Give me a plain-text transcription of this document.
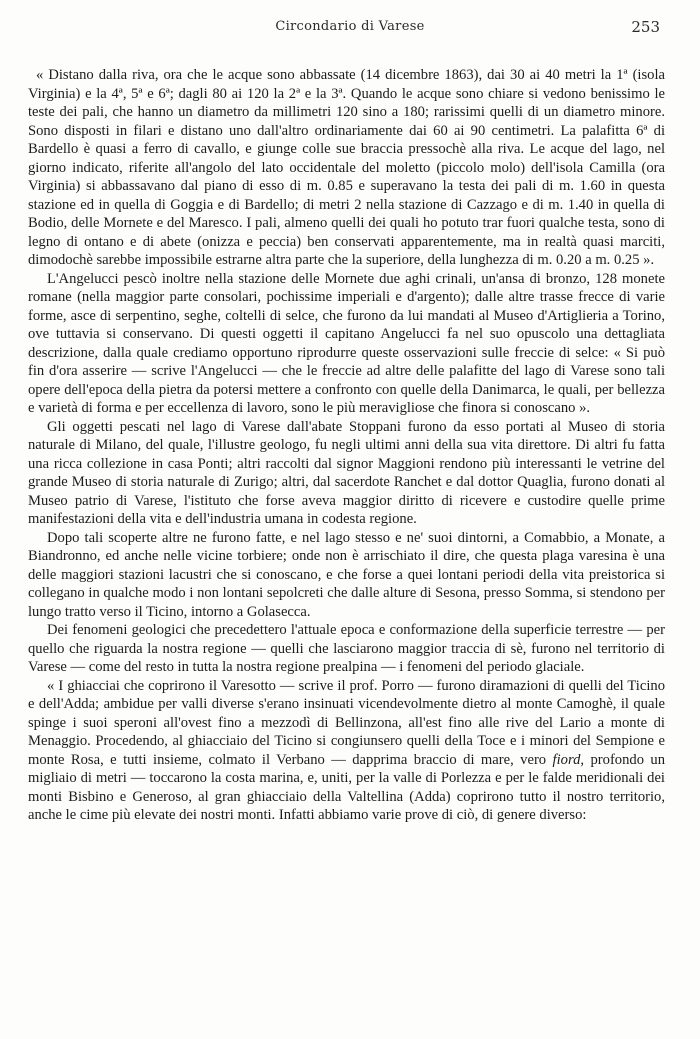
Circondario di Varese	253

« Distano dalla riva, ora che le acque sono abbassate (14 dicembre 1863), dai 30 ai 40 metri la 1ª (isola Virginia) e la 4ª, 5ª e 6ª; dagli 80 ai 120 la 2ª e la 3ª. Quando le acque sono chiare si vedono benissimo le teste dei pali, che hanno un diametro da millimetri 120 sino a 180; rarissimi quelli di un diametro minore. Sono disposti in filari e distano uno dall'altro ordinariamente dai 60 ai 90 centimetri. La palafitta 6ª di Bardello è quasi a ferro di cavallo, e giunge colle sue braccia pressochè alla riva. Le acque del lago, nel giorno indicato, riferite all'angolo del lato occidentale del moletto (piccolo molo) dell'isola Camilla (ora Virginia) si abbassavano dal piano di esso di m. 0.85 e superavano la testa dei pali di m. 1.60 in questa stazione ed in quella di Goggia e di Bardello; di metri 2 nella stazione di Cazzago e di m. 1.40 in quella di Bodio, delle Mornete e del Maresco. I pali, almeno quelli dei quali ho potuto trar fuori qualche testa, sono di legno di ontano e di abete (onizza e peccia) ben conservati apparentemente, ma in realtà quasi marciti, dimodochè sarebbe impossibile estrarne altra parte che la superiore, della lunghezza di m. 0.20 a m. 0.25 ».

L'Angelucci pescò inoltre nella stazione delle Mornete due aghi crinali, un'ansa di bronzo, 128 monete romane (nella maggior parte consolari, pochissime imperiali e d'argento); dalle altre trasse frecce di varie forme, asce di serpentino, seghe, coltelli di selce, che furono da lui mandati al Museo d'Artiglieria a Torino, ove tuttavia si conservano. Di questi oggetti il capitano Angelucci fa nel suo opuscolo una dettagliata descrizione, dalla quale crediamo opportuno riprodurre queste osservazioni sulle freccie di selce: « Si può fin d'ora asserire — scrive l'Angelucci — che le freccie ad altre delle palafitte del lago di Varese sono tali opere dell'epoca della pietra da potersi mettere a confronto con quelle della Danimarca, le quali, per bellezza e varietà di forma e per eccellenza di lavoro, sono le più meravigliose che finora si conoscano ».

Gli oggetti pescati nel lago di Varese dall'abate Stoppani furono da esso portati al Museo di storia naturale di Milano, del quale, l'illustre geologo, fu negli ultimi anni della sua vita direttore. Di altri fu fatta una ricca collezione in casa Ponti; altri raccolti dal signor Maggioni rendono più interessanti le vetrine del grande Museo di storia naturale di Zurigo; altri, dal sacerdote Ranchet e dal dottor Quaglia, furono donati al Museo patrio di Varese, l'istituto che forse aveva maggior diritto di ricevere e custodire quelle prime manifestazioni della vita e dell'industria umana in codesta regione.

Dopo tali scoperte altre ne furono fatte, e nel lago stesso e ne' suoi dintorni, a Comabbio, a Monate, a Biandronno, ed anche nelle vicine torbiere; onde non è arrischiato il dire, che questa plaga varesina è una delle maggiori stazioni lacustri che si conoscano, e che forse a quei lontani periodi della vita preistorica si collegano in qualche modo i non lontani sepolcreti che dalle alture di Sesona, presso Somma, si stendono per lungo tratto verso il Ticino, intorno a Golasecca.

Dei fenomeni geologici che precedettero l'attuale epoca e conformazione della superficie terrestre — per quello che riguarda la nostra regione — quelli che lasciarono maggior traccia di sè, furono nel territorio di Varese — come del resto in tutta la nostra regione prealpina — i fenomeni del periodo glaciale.

« I ghiacciai che coprirono il Varesotto — scrive il prof. Porro — furono diramazioni di quelli del Ticino e dell'Adda; ambidue per valli diverse s'erano insinuati vicendevolmente dietro al monte Camoghè, il quale spinge i suoi speroni all'ovest fino a mezzodì di Bellinzona, all'est fino alle rive del Lario a monte di Menaggio. Procedendo, al ghiacciaio del Ticino si congiunsero quelli della Toce e i minori del Sempione e monte Rosa, e tutti insieme, colmato il Verbano — dapprima braccio di mare, vero fiord, profondo un migliaio di metri — toccarono la costa marina, e, uniti, per la valle di Porlezza e per le falde meridionali dei monti Bisbino e Generoso, al gran ghiacciaio della Valtellina (Adda) coprirono tutto il nostro territorio, anche le cime più elevate dei nostri monti. Infatti abbiamo varie prove di ciò, di genere diverso:
